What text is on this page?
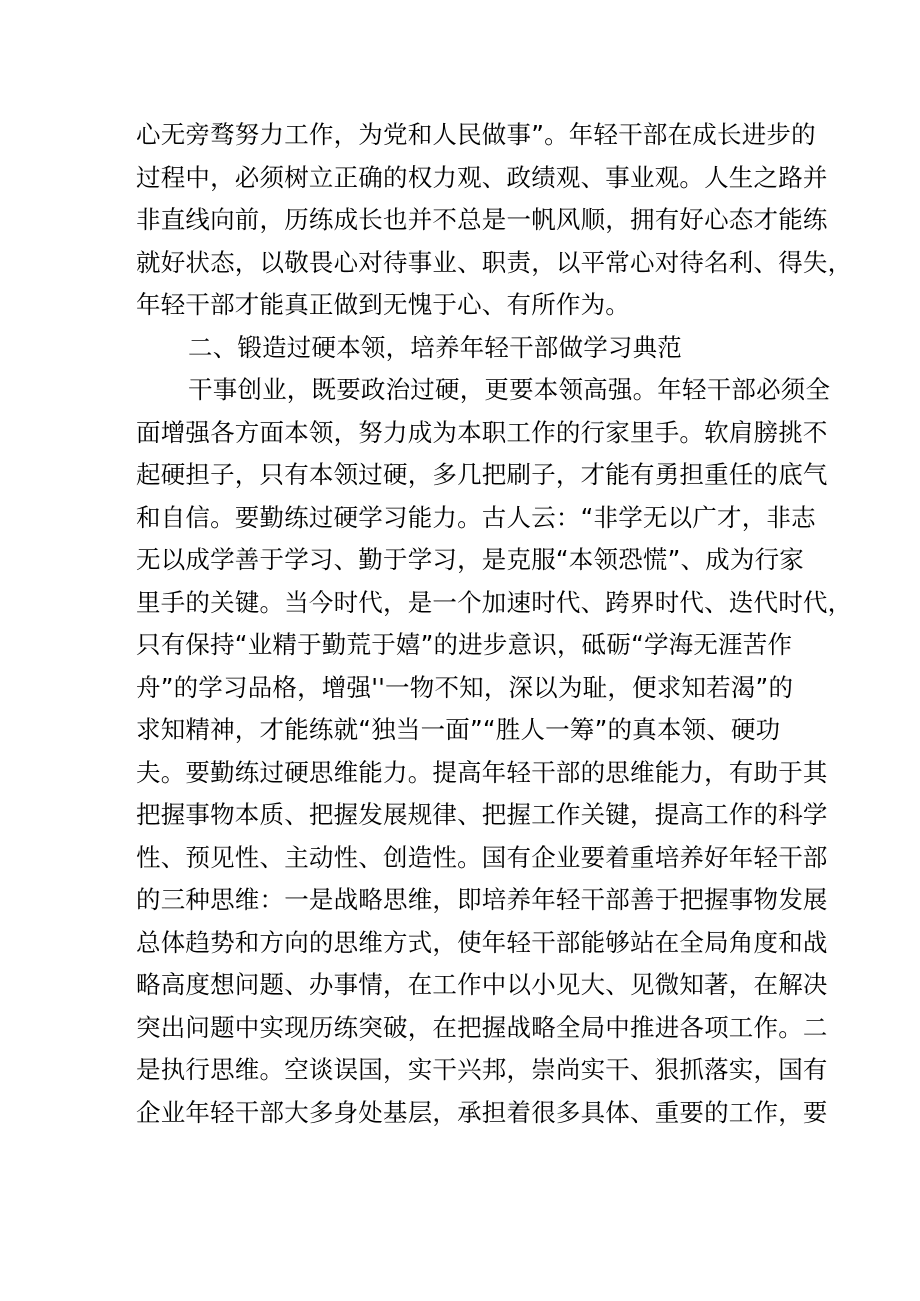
心无旁骛努力工作，为党和人民做事”。年轻干部在成长进步的
过程中，必须树立正确的权力观、政绩观、事业观。人生之路并
非直线向前，历练成长也并不总是一帆风顺，拥有好心态才能练
就好状态，以敬畏心对待事业、职责，以平常心对待名利、得失，
年轻干部才能真正做到无愧于心、有所作为。
二、锻造过硬本领，培养年轻干部做学习典范
干事创业，既要政治过硬，更要本领高强。年轻干部必须全
面增强各方面本领，努力成为本职工作的行家里手。软肩膀挑不
起硬担子，只有本领过硬，多几把刷子，才能有勇担重任的底气
和自信。要勤练过硬学习能力。古人云：“非学无以广才，非志
无以成学善于学习、勤于学习，是克服“本领恐慌”、成为行家
里手的关键。当今时代，是一个加速时代、跨界时代、迭代时代，
只有保持“业精于勤荒于嬉”的进步意识，砥砺“学海无涯苦作
舟”的学习品格，增强''一物不知，深以为耻，便求知若渴”的
求知精神，才能练就“独当一面”“胜人一筹”的真本领、硬功
夫。要勤练过硬思维能力。提高年轻干部的思维能力，有助于其
把握事物本质、把握发展规律、把握工作关键，提高工作的科学
性、预见性、主动性、创造性。国有企业要着重培养好年轻干部
的三种思维：一是战略思维，即培养年轻干部善于把握事物发展
总体趋势和方向的思维方式，使年轻干部能够站在全局角度和战
略高度想问题、办事情，在工作中以小见大、见微知著，在解决
突出问题中实现历练突破，在把握战略全局中推进各项工作。二
是执行思维。空谈误国，实干兴邦，崇尚实干、狠抓落实，国有
企业年轻干部大多身处基层，承担着很多具体、重要的工作，要
